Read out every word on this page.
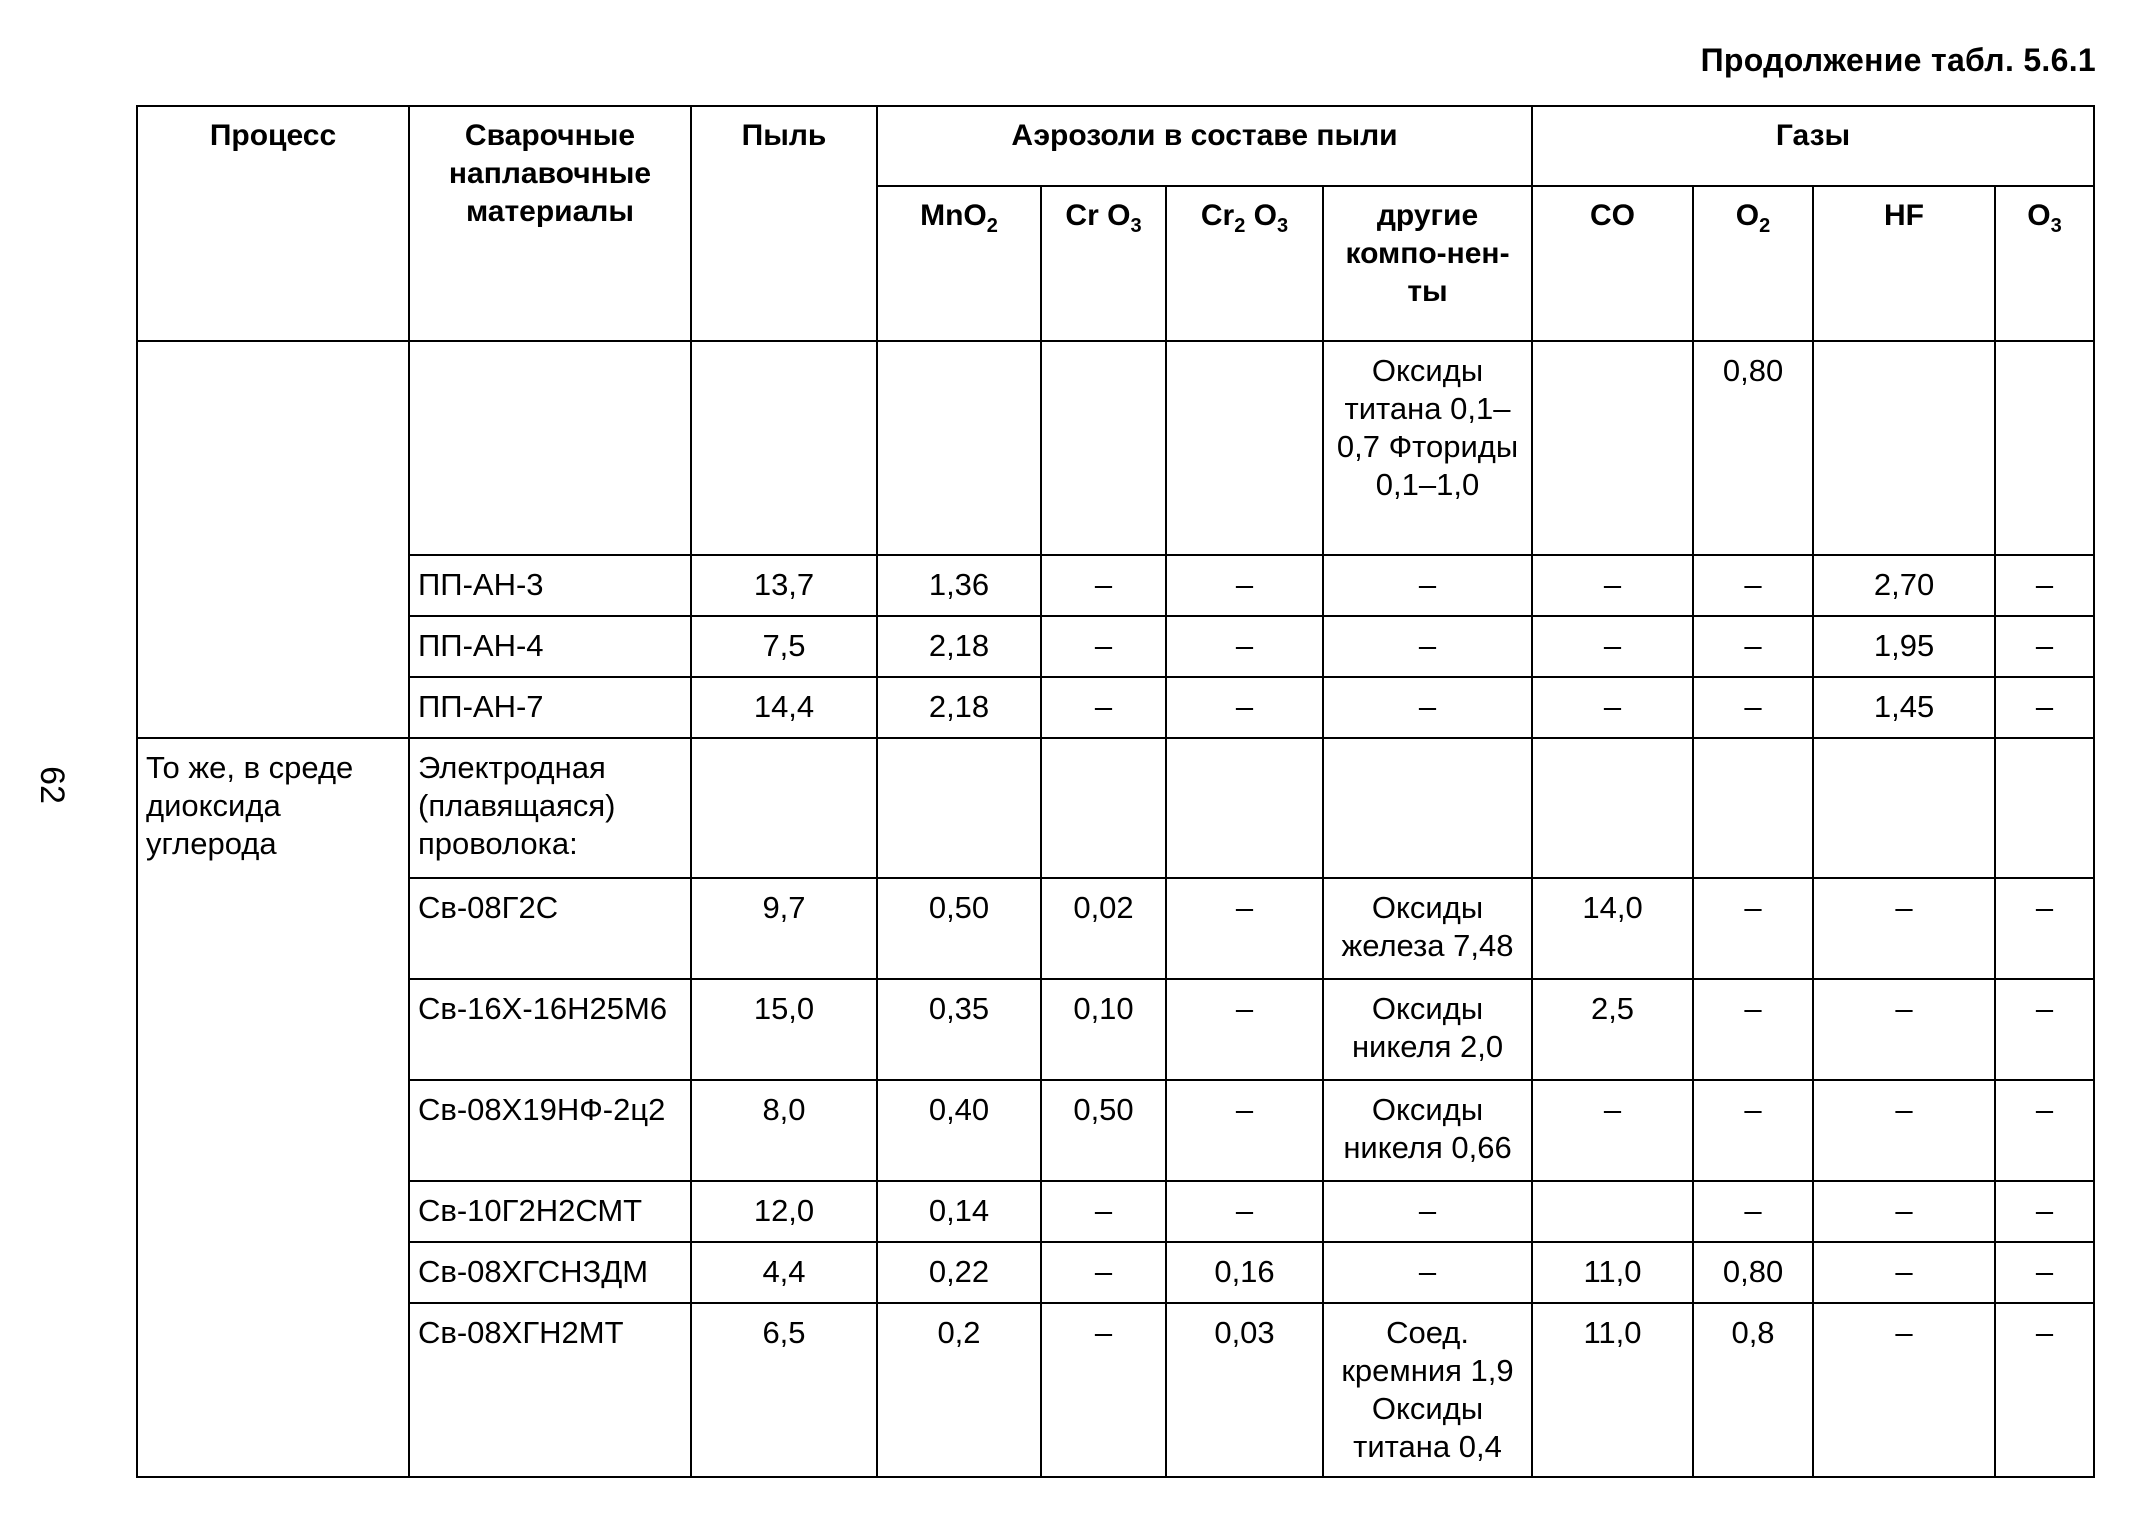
Продолжение табл. 5.6.1
62
Процесс	Сварочные наплавочные материалы	Пыль	Аэрозоли в составе пыли				Газы			
			MnO$_2$	Cr $O_3$	$Cr_2$ $O_3$	другие компо-ненты	CO	$O_2$	HF	$O_3$
						Оксиды титана 0,1–0,7 Фториды 0,1–1,0		0,80		
	ПП-АН-3	13,7	1,36	–	–	–	–	–	2,70	–
	ПП-АН-4	7,5	2,18	–	–	–	–	–	1,95	–
	ПП-АН-7	14,4	2,18	–	–	–	–	–	1,45	–
То же, в среде диоксида углерода	Электродная (плавящаяся) проволока:									
	Св-08Г2С	9,7	0,50	0,02	–	Оксиды железа 7,48	14,0	–	–	–
	Св-16Х-16Н25М6	15,0	0,35	0,10	–	Оксиды никеля 2,0	2,5	–	–	–
	Св-08Х19НФ-2ц2	8,0	0,40	0,50	–	Оксиды никеля 0,66	–	–	–	–
	Св-10Г2Н2СМТ	12,0	0,14	–	–	–		–	–	–
	Св-08ХГСНЗДМ	4,4	0,22	–	0,16	–	11,0	0,80	–	–
	Св-08ХГН2МТ	6,5	0,2	–	0,03	Соед. кремния 1,9 Оксиды титана 0,4	11,0	0,8	–	–
